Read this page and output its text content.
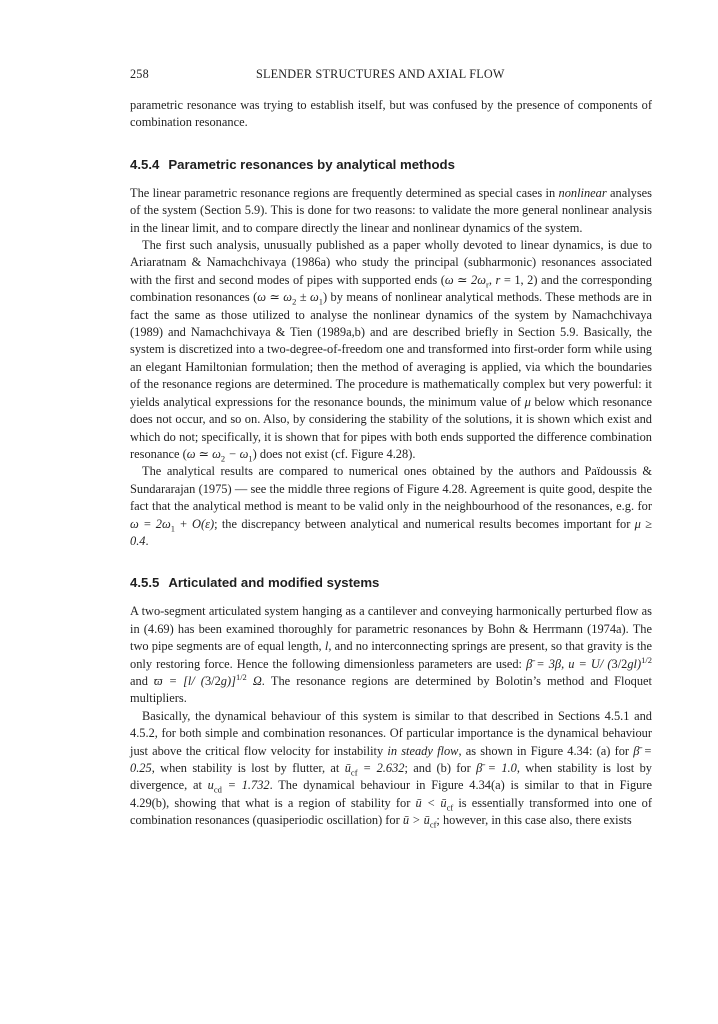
258	SLENDER STRUCTURES AND AXIAL FLOW

parametric resonance was trying to establish itself, but was confused by the presence of components of combination resonance.

4.5.4 Parametric resonances by analytical methods

The linear parametric resonance regions are frequently determined as special cases in nonlinear analyses of the system (Section 5.9). This is done for two reasons: to validate the more general nonlinear analysis in the linear limit, and to compare directly the linear and nonlinear dynamics of the system.

The first such analysis, unusually published as a paper wholly devoted to linear dynamics, is due to Ariaratnam & Namachchivaya (1986a) who study the principal (subharmonic) resonances associated with the first and second modes of pipes with supported ends (ω ≃ $2\omega_r$, r = 1, 2) and the corresponding combination resonances (ω ≃ $\omega_2 \pm \omega_1$) by means of nonlinear analytical methods. These methods are in fact the same as those utilized to analyse the nonlinear dynamics of the system by Namachchivaya (1989) and Namachchivaya & Tien (1989a,b) and are described briefly in Section 5.9. Basically, the system is discretized into a two-degree-of-freedom one and transformed into first-order form while using an elegant Hamiltonian formulation; then the method of averaging is applied, via which the boundaries of the resonance regions are determined. The procedure is mathematically complex but very powerful: it yields analytical expressions for the resonance bounds, the minimum value of μ below which resonance does not occur, and so on. Also, by considering the stability of the solutions, it is shown which exist and which do not; specifically, it is shown that for pipes with both ends supported the difference combination resonance (ω ≃ $\omega_2 - \omega_1$) does not exist (cf. Figure 4.28).

The analytical results are compared to numerical ones obtained by the authors and Païdoussis & Sundararajan (1975) — see the middle three regions of Figure 4.28. Agreement is quite good, despite the fact that the analytical method is meant to be valid only in the neighbourhood of the resonances, e.g. for $\omega = 2\omega_1 + O(\varepsilon)$; the discrepancy between analytical and numerical results becomes important for μ ≥ 0.4.

4.5.5 Articulated and modified systems

A two-segment articulated system hanging as a cantilever and conveying harmonically perturbed flow as in (4.69) has been examined thoroughly for parametric resonances by Bohn & Herrmann (1974a). The two pipe segments are of equal length, l, and no interconnecting springs are present, so that gravity is the only restoring force. Hence the following dimensionless parameters are used: β̄ = 3β, u = U/ $(3/2gl)^{1/2}$ and ϖ = [l/ (3/2g)]$^{1/2}$ Ω. The resonance regions are determined by Bolotin’s method and Floquet multipliers.

Basically, the dynamical behaviour of this system is similar to that described in Sections 4.5.1 and 4.5.2, for both simple and combination resonances. Of particular importance is the dynamical behaviour just above the critical flow velocity for instability in steady flow, as shown in Figure 4.34: (a) for β̄ = 0.25, when stability is lost by flutter, at $ū_{cf} = 2.632$; and (b) for β̄ = 1.0, when stability is lost by divergence, at $u_{cd} = 1.732$. The dynamical behaviour in Figure 4.34(a) is similar to that in Figure 4.29(b), showing that what is a region of stability for ū < $ū_{cf}$ is essentially transformed into one of combination resonances (quasiperiodic oscillation) for ū > $ū_{cf}$; however, in this case also, there exists
